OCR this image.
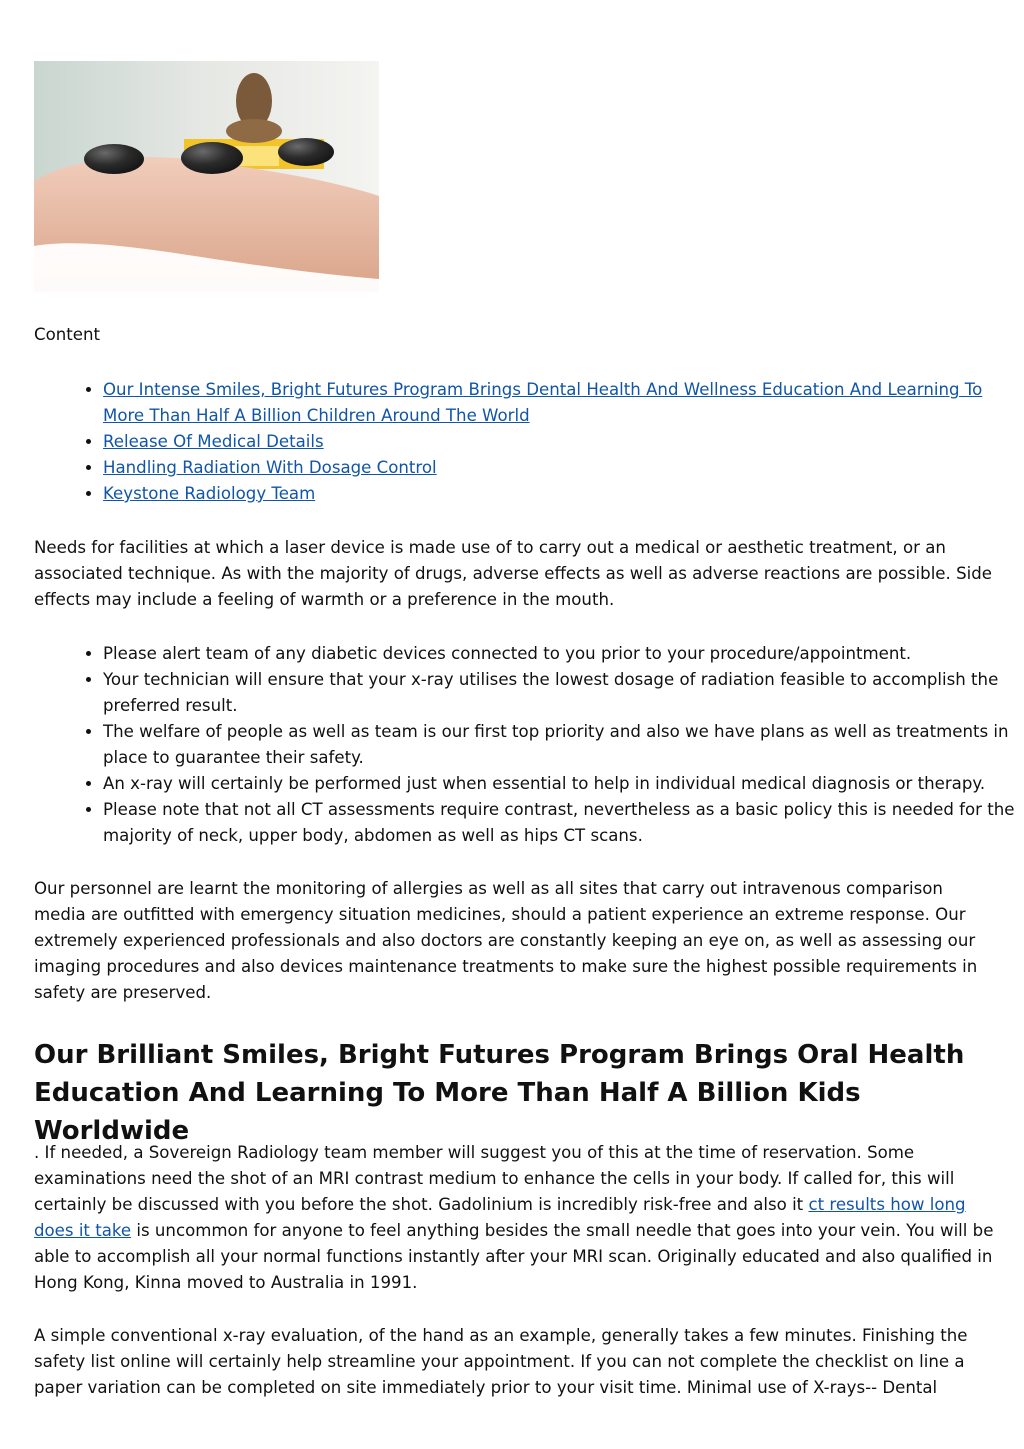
Content

• Our Intense Smiles, Bright Futures Program Brings Dental Health And Wellness Education And Learning To More Than Half A Billion Children Around The World
• Release Of Medical Details
• Handling Radiation With Dosage Control
• Keystone Radiology Team

Needs for facilities at which a laser device is made use of to carry out a medical or aesthetic treatment, or an associated technique. As with the majority of drugs, adverse effects as well as adverse reactions are possible. Side effects may include a feeling of warmth or a preference in the mouth.

• Please alert team of any diabetic devices connected to you prior to your procedure/appointment.
• Your technician will ensure that your x-ray utilises the lowest dosage of radiation feasible to accomplish the preferred result.
• The welfare of people as well as team is our first top priority and also we have plans as well as treatments in place to guarantee their safety.
• An x-ray will certainly be performed just when essential to help in individual medical diagnosis or therapy.
• Please note that not all CT assessments require contrast, nevertheless as a basic policy this is needed for the majority of neck, upper body, abdomen as well as hips CT scans.

Our personnel are learnt the monitoring of allergies as well as all sites that carry out intravenous comparison media are outfitted with emergency situation medicines, should a patient experience an extreme response. Our extremely experienced professionals and also doctors are constantly keeping an eye on, as well as assessing our imaging procedures and also devices maintenance treatments to make sure the highest possible requirements in safety are preserved.

Our Brilliant Smiles, Bright Futures Program Brings Oral Health Education And Learning To More Than Half A Billion Kids Worldwide

. If needed, a Sovereign Radiology team member will suggest you of this at the time of reservation. Some examinations need the shot of an MRI contrast medium to enhance the cells in your body. If called for, this will certainly be discussed with you before the shot. Gadolinium is incredibly risk-free and also it ct results how long does it take is uncommon for anyone to feel anything besides the small needle that goes into your vein. You will be able to accomplish all your normal functions instantly after your MRI scan. Originally educated and also qualified in Hong Kong, Kinna moved to Australia in 1991.

A simple conventional x-ray evaluation, of the hand as an example, generally takes a few minutes. Finishing the safety list online will certainly help streamline your appointment. If you can not complete the checklist on line a paper variation can be completed on site immediately prior to your visit time. Minimal use of X-rays-- Dental
